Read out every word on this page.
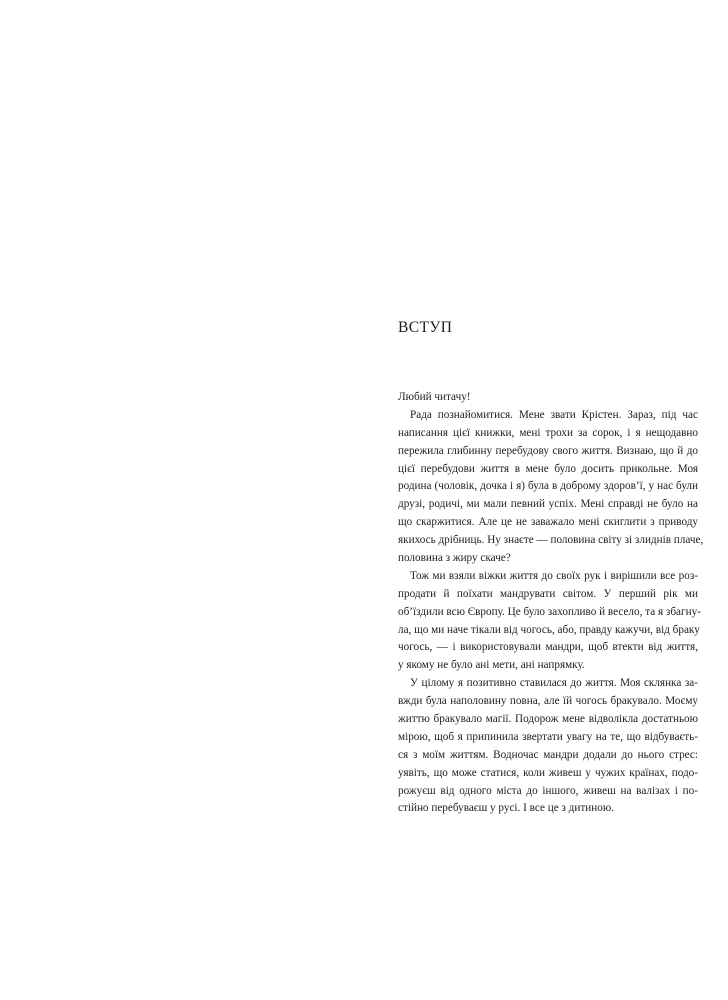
ВСТУП
Любий читачу!
Рада познайомитися. Мене звати Крістен. Зараз, під час
написання цієї книжки, мені трохи за сорок, і я нещодавно
пережила глибинну перебудову свого життя. Визнаю, що й до
цієї перебудови життя в мене було досить прикольне. Моя
родина (чоловік, дочка і я) була в доброму здоров’ї, у нас були
друзі, родичі, ми мали певний успіх. Мені справді не було на
що скаржитися. Але це не заважало мені скиглити з приводу
якихось дрібниць. Ну знаєте — половина світу зі злиднів плаче,
половина з жиру скаче?
Тож ми взяли віжки життя до своїх рук і вирішили все роз-
продати й поїхати мандрувати світом. У перший рік ми
об’їздили всю Європу. Це було захопливо й весело, та я збагну-
ла, що ми наче тікали від чогось, або, правду кажучи, від браку
чогось, — і використовували мандри, щоб втекти від життя,
у якому не було ані мети, ані напрямку.
У цілому я позитивно ставилася до життя. Моя склянка за-
вжди була наполовину повна, але їй чогось бракувало. Моєму
життю бракувало магії. Подорож мене відволікла достатньою
мірою, щоб я припинила звертати увагу на те, що відбуваєть-
ся з моїм життям. Водночас мандри додали до нього стрес:
уявіть, що може статися, коли живеш у чужих країнах, подо-
рожуєш від одного міста до іншого, живеш на валізах і по-
стійно перебуваєш у русі. І все це з дитиною.
